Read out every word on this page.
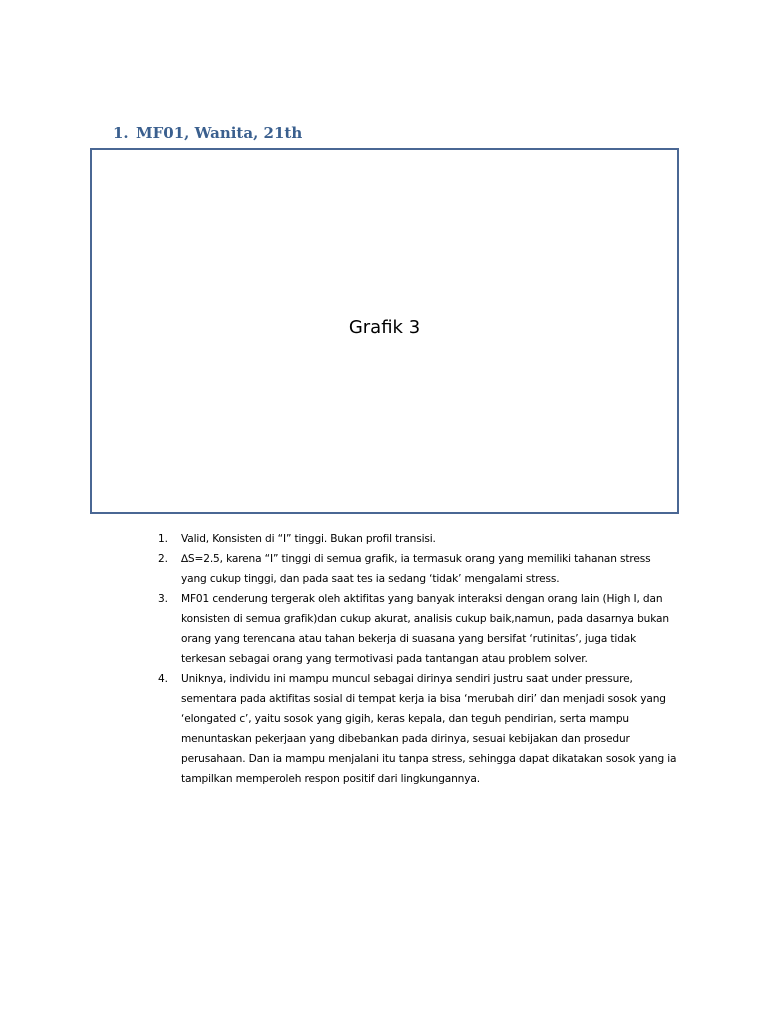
1. MF01, Wanita, 21th
Grafik 3
1. Valid, Konsisten di “I” tinggi. Bukan profil transisi.
2. ∆S=2.5, karena “I” tinggi di semua grafik, ia termasuk orang yang memiliki tahanan stress yang cukup tinggi, dan pada saat tes ia sedang ‘tidak’ mengalami stress.
3. MF01 cenderung tergerak oleh aktifitas yang banyak interaksi dengan orang lain (High I, dan konsisten di semua grafik)dan cukup akurat, analisis cukup baik,namun, pada dasarnya bukan orang yang terencana atau tahan bekerja di suasana yang bersifat ‘rutinitas’, juga tidak terkesan sebagai orang yang termotivasi pada tantangan atau problem solver.
4. Uniknya, individu ini mampu muncul sebagai dirinya sendiri justru saat under pressure, sementara pada aktifitas sosial di tempat kerja ia bisa ‘merubah diri’ dan menjadi sosok yang ‘elongated c’, yaitu sosok yang gigih, keras kepala, dan teguh pendirian, serta mampu menuntaskan pekerjaan yang dibebankan pada dirinya, sesuai kebijakan dan prosedur perusahaan. Dan ia mampu menjalani itu tanpa stress, sehingga dapat dikatakan sosok yang ia tampilkan memperoleh respon positif dari lingkungannya.
